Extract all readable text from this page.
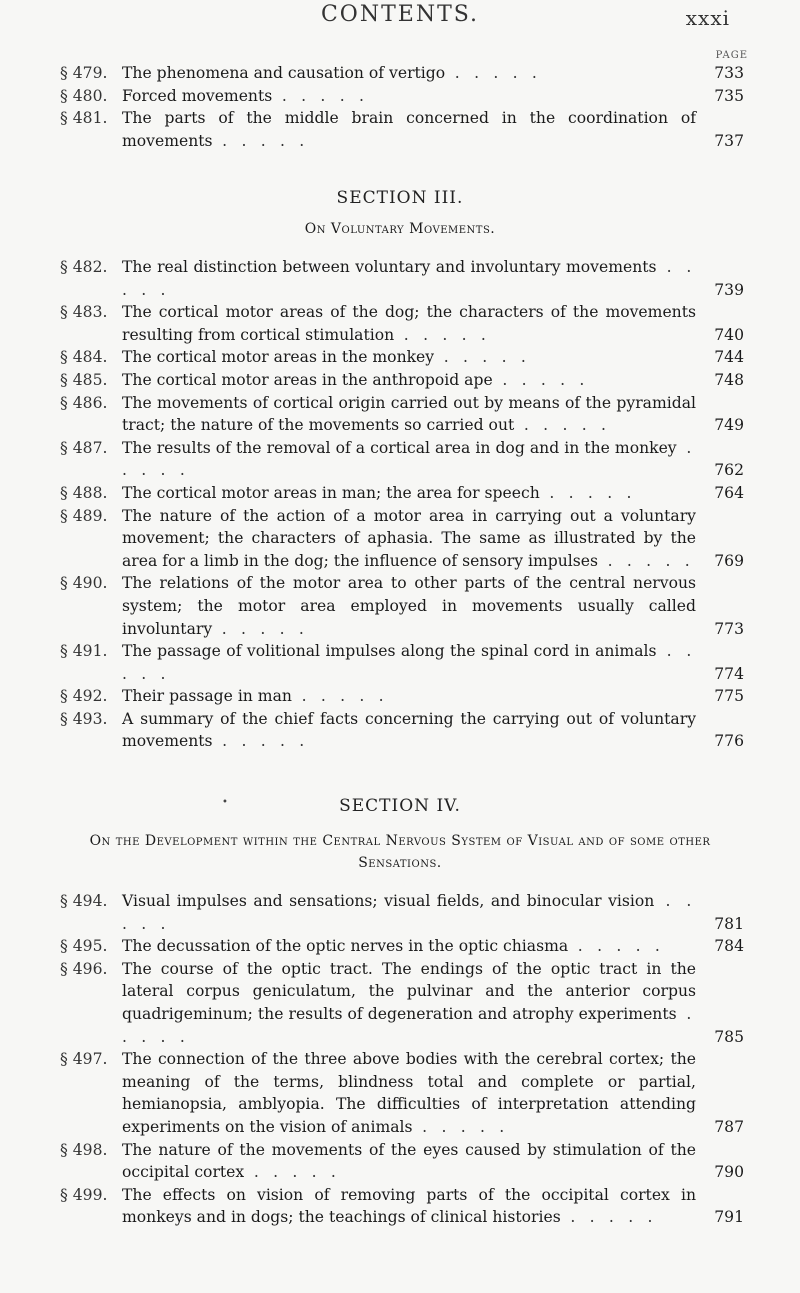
CONTENTS.	xxxi
PAGE
§ 479. The phenomena and causation of vertigo . . . . .	733
§ 480. Forced movements . . . . .	735
§ 481. The parts of the middle brain concerned in the coordination of movements . . . . .	737
SECTION III.
On Voluntary Movements.
§ 482. The real distinction between voluntary and involuntary movements . . . . .	739
§ 483. The cortical motor areas of the dog; the characters of the movements resulting from cortical stimulation . . . . .	740
§ 484. The cortical motor areas in the monkey . . . . .	744
§ 485. The cortical motor areas in the anthropoid ape . . . . .	748
§ 486. The movements of cortical origin carried out by means of the pyramidal tract; the nature of the movements so carried out . . . . .	749
§ 487. The results of the removal of a cortical area in dog and in the monkey . . . . .	762
§ 488. The cortical motor areas in man; the area for speech . . . . .	764
§ 489. The nature of the action of a motor area in carrying out a voluntary movement; the characters of aphasia. The same as illustrated by the area for a limb in the dog; the influence of sensory impulses . . . . .	769
§ 490. The relations of the motor area to other parts of the central nervous system; the motor area employed in movements usually called involuntary . . . . .	773
§ 491. The passage of volitional impulses along the spinal cord in animals . . . . .	774
§ 492. Their passage in man . . . . .	775
§ 493. A summary of the chief facts concerning the carrying out of voluntary movements . . . . .	776
•	SECTION IV.
On the Development within the Central Nervous System of Visual and of some other Sensations.
§ 494. Visual impulses and sensations; visual fields, and binocular vision . . . . .	781
§ 495. The decussation of the optic nerves in the optic chiasma . . . . .	784
§ 496. The course of the optic tract. The endings of the optic tract in the lateral corpus geniculatum, the pulvinar and the anterior corpus quadrigeminum; the results of degeneration and atrophy experiments . . . . .	785
§ 497. The connection of the three above bodies with the cerebral cortex; the meaning of the terms, blindness total and complete or partial, hemianopsia, amblyopia. The difficulties of interpretation attending experiments on the vision of animals . . . . .	787
§ 498. The nature of the movements of the eyes caused by stimulation of the occipital cortex . . . . .	790
§ 499. The effects on vision of removing parts of the occipital cortex in monkeys and in dogs; the teachings of clinical histories . . . . .	791
